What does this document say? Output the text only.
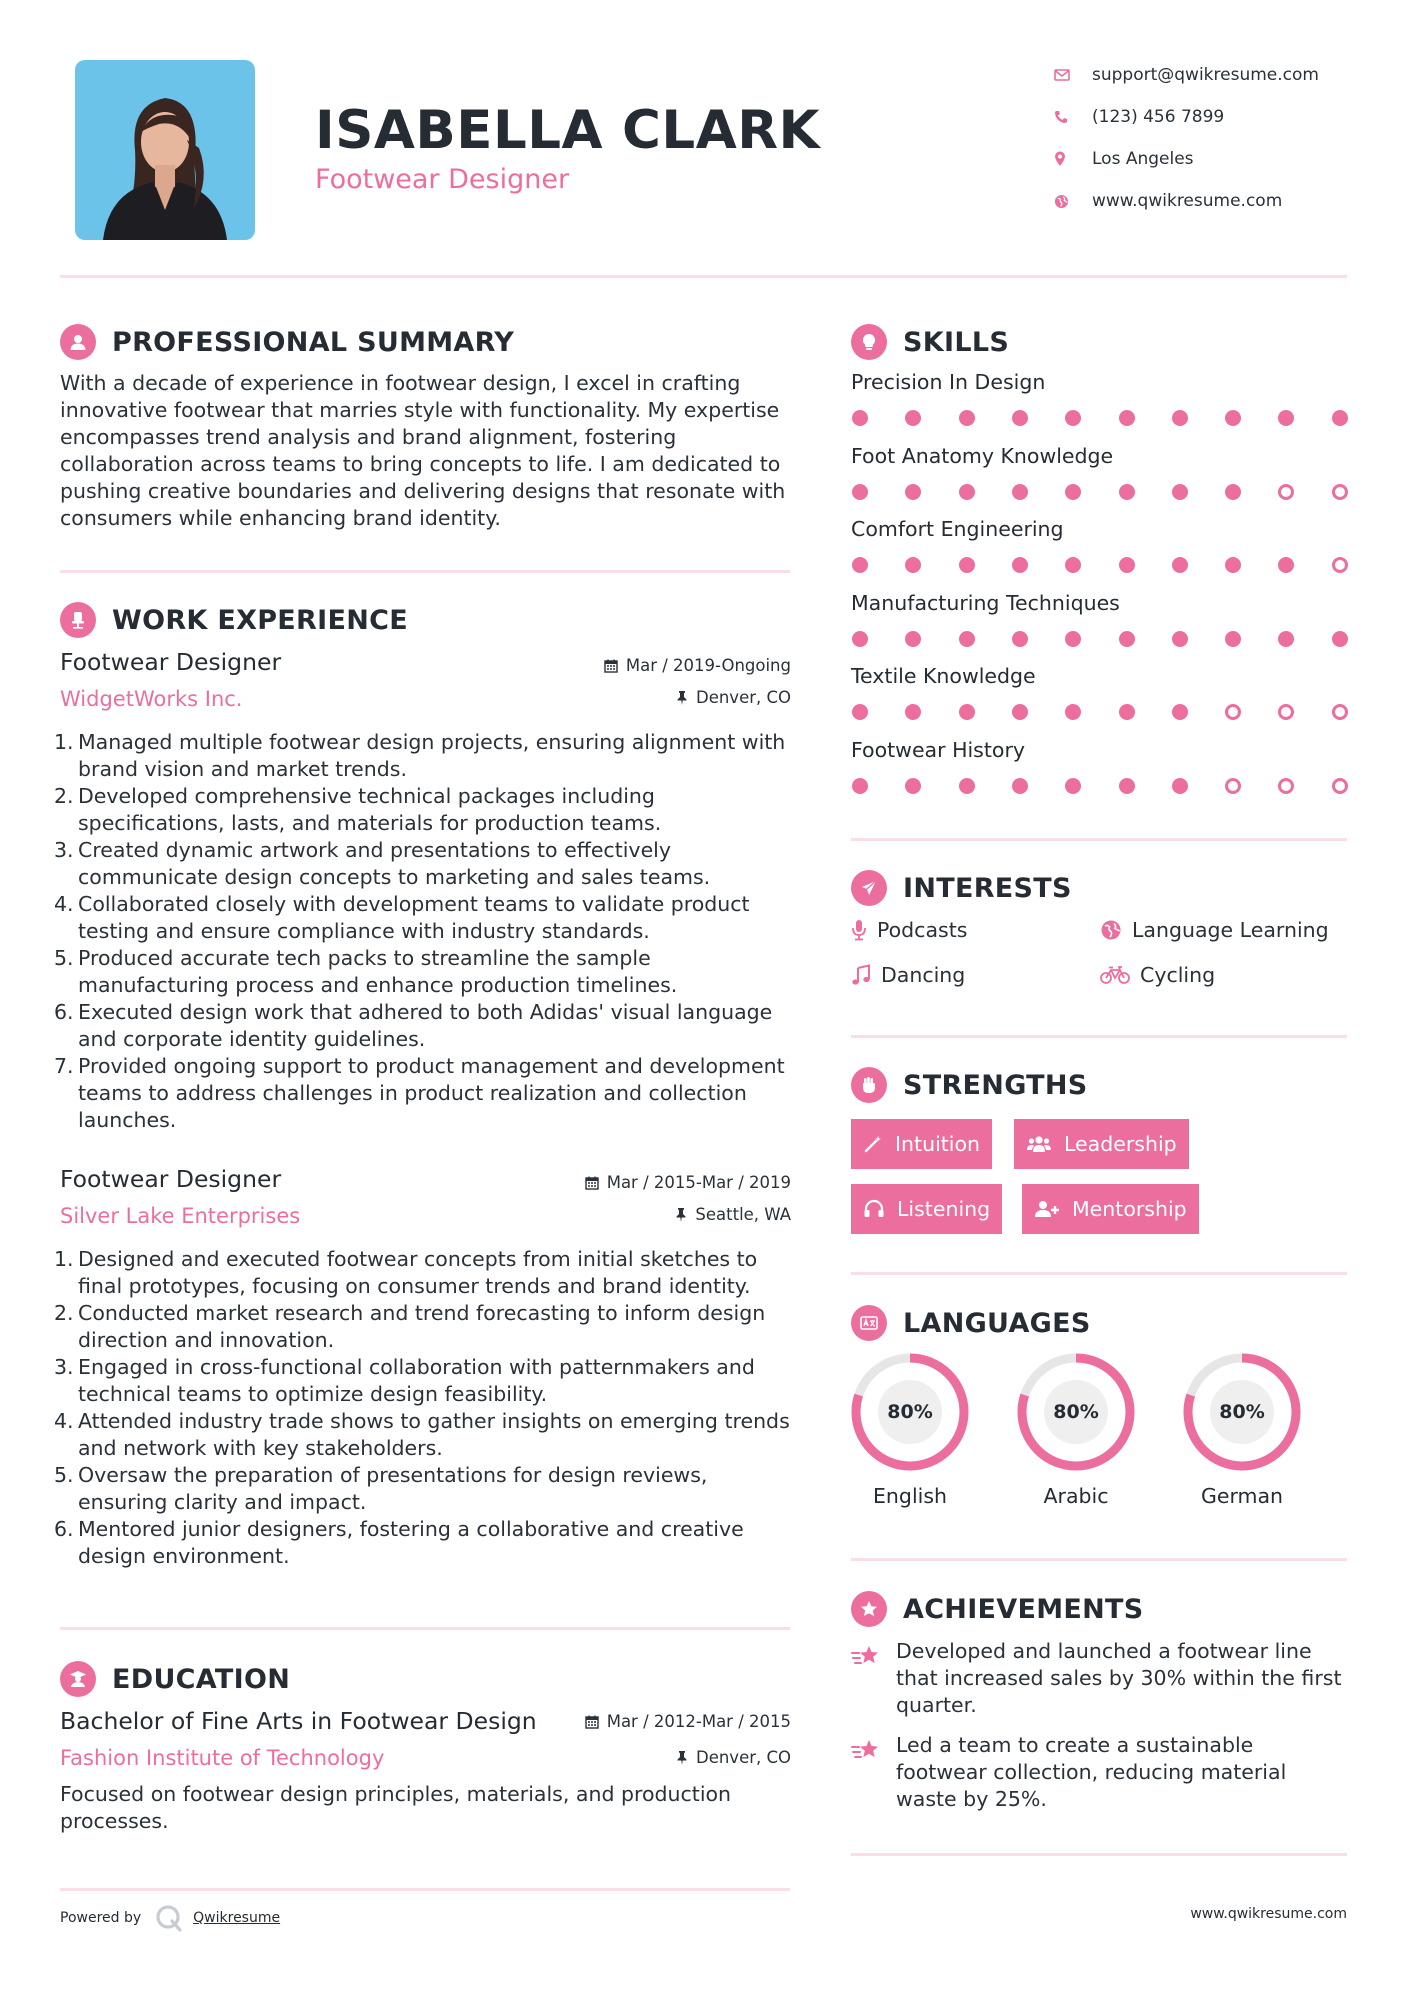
ISABELLA CLARK
Footwear Designer
support@qwikresume.com
(123) 456 7899
Los Angeles
www.qwikresume.com
PROFESSIONAL SUMMARY
With a decade of experience in footwear design, I excel in crafting innovative footwear that marries style with functionality. My expertise encompasses trend analysis and brand alignment, fostering collaboration across teams to bring concepts to life. I am dedicated to pushing creative boundaries and delivering designs that resonate with consumers while enhancing brand identity.
WORK EXPERIENCE
Footwear Designer	Mar / 2019-Ongoing
WidgetWorks Inc.	Denver, CO
1. Managed multiple footwear design projects, ensuring alignment with brand vision and market trends.
2. Developed comprehensive technical packages including specifications, lasts, and materials for production teams.
3. Created dynamic artwork and presentations to effectively communicate design concepts to marketing and sales teams.
4. Collaborated closely with development teams to validate product testing and ensure compliance with industry standards.
5. Produced accurate tech packs to streamline the sample manufacturing process and enhance production timelines.
6. Executed design work that adhered to both Adidas' visual language and corporate identity guidelines.
7. Provided ongoing support to product management and development teams to address challenges in product realization and collection launches.
Footwear Designer	Mar / 2015-Mar / 2019
Silver Lake Enterprises	Seattle, WA
1. Designed and executed footwear concepts from initial sketches to final prototypes, focusing on consumer trends and brand identity.
2. Conducted market research and trend forecasting to inform design direction and innovation.
3. Engaged in cross-functional collaboration with patternmakers and technical teams to optimize design feasibility.
4. Attended industry trade shows to gather insights on emerging trends and network with key stakeholders.
5. Oversaw the preparation of presentations for design reviews, ensuring clarity and impact.
6. Mentored junior designers, fostering a collaborative and creative design environment.
EDUCATION
Bachelor of Fine Arts in Footwear Design	Mar / 2012-Mar / 2015
Fashion Institute of Technology	Denver, CO
Focused on footwear design principles, materials, and production processes.
SKILLS
Precision In Design
Foot Anatomy Knowledge
Comfort Engineering
Manufacturing Techniques
Textile Knowledge
Footwear History
INTERESTS
Podcasts	Language Learning
Dancing	Cycling
STRENGTHS
Intuition	Leadership
Listening	Mentorship
LANGUAGES
80%
English
80%
Arabic
80%
German
ACHIEVEMENTS
Developed and launched a footwear line that increased sales by 30% within the first quarter.
Led a team to create a sustainable footwear collection, reducing material waste by 25%.
Powered by	Qwikresume	www.qwikresume.com
